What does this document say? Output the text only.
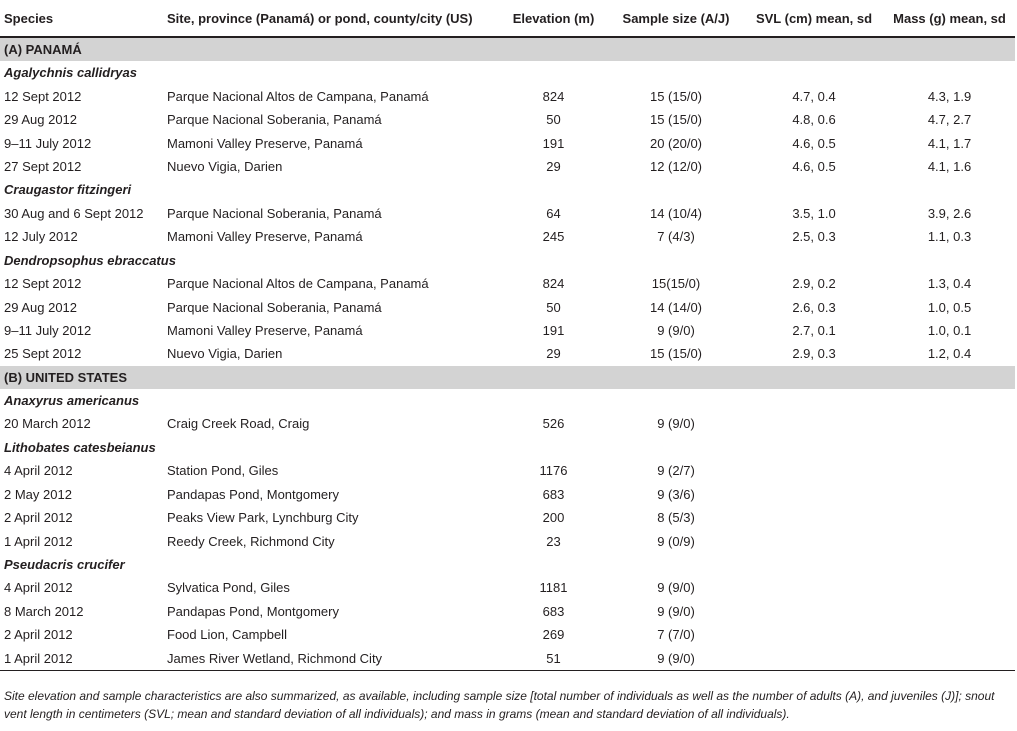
Species	Site, province (Panamá) or pond, county/city (US)	Elevation (m)	Sample size (A/J)	SVL (cm) mean, sd	Mass (g) mean, sd
(A) PANAMÁ					
Agalychnis callidryas					
12 Sept 2012	Parque Nacional Altos de Campana, Panamá	824	15 (15/0)	4.7, 0.4	4.3, 1.9
29 Aug 2012	Parque Nacional Soberania, Panamá	50	15 (15/0)	4.8, 0.6	4.7, 2.7
9–11 July 2012	Mamoni Valley Preserve, Panamá	191	20 (20/0)	4.6, 0.5	4.1, 1.7
27 Sept 2012	Nuevo Vigia, Darien	29	12 (12/0)	4.6, 0.5	4.1, 1.6
Craugastor fitzingeri					
30 Aug and 6 Sept 2012	Parque Nacional Soberania, Panamá	64	14 (10/4)	3.5, 1.0	3.9, 2.6
12 July 2012	Mamoni Valley Preserve, Panamá	245	7 (4/3)	2.5, 0.3	1.1, 0.3
Dendropsophus ebraccatus					
12 Sept 2012	Parque Nacional Altos de Campana, Panamá	824	15(15/0)	2.9, 0.2	1.3, 0.4
29 Aug 2012	Parque Nacional Soberania, Panamá	50	14 (14/0)	2.6, 0.3	1.0, 0.5
9–11 July 2012	Mamoni Valley Preserve, Panamá	191	9 (9/0)	2.7, 0.1	1.0, 0.1
25 Sept 2012	Nuevo Vigia, Darien	29	15 (15/0)	2.9, 0.3	1.2, 0.4
(B) UNITED STATES					
Anaxyrus americanus					
20 March 2012	Craig Creek Road, Craig	526	9 (9/0)		
Lithobates catesbeianus					
4 April 2012	Station Pond, Giles	1176	9 (2/7)		
2 May 2012	Pandapas Pond, Montgomery	683	9 (3/6)		
2 April 2012	Peaks View Park, Lynchburg City	200	8 (5/3)		
1 April 2012	Reedy Creek, Richmond City	23	9 (0/9)		
Pseudacris crucifer					
4 April 2012	Sylvatica Pond, Giles	1181	9 (9/0)		
8 March 2012	Pandapas Pond, Montgomery	683	9 (9/0)		
2 April 2012	Food Lion, Campbell	269	7 (7/0)		
1 April 2012	James River Wetland, Richmond City	51	9 (9/0)		
Site elevation and sample characteristics are also summarized, as available, including sample size [total number of individuals as well as the number of adults (A), and juveniles (J)]; snout vent length in centimeters (SVL; mean and standard deviation of all individuals); and mass in grams (mean and standard deviation of all individuals).
